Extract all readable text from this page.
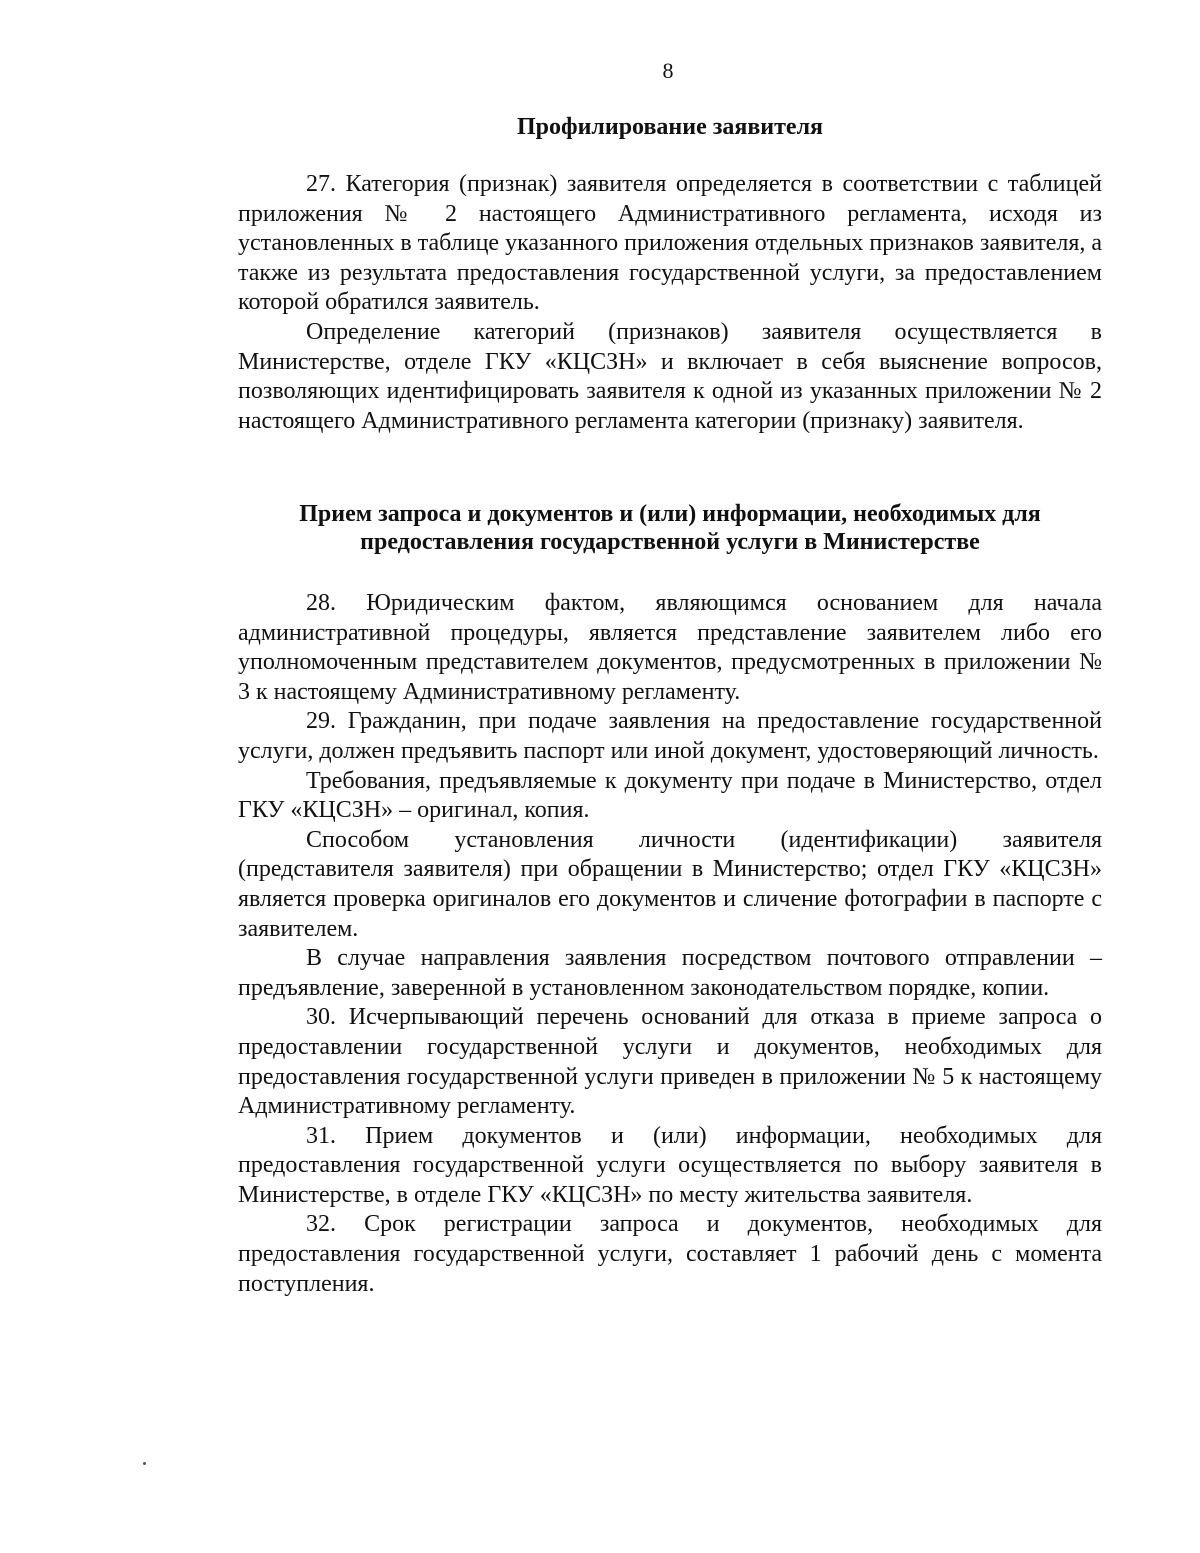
8
Профилирование заявителя

27. Категория (признак) заявителя определяется в соответствии с таблицей приложения № 2 настоящего Административного регламента, исходя из установленных в таблице указанного приложения отдельных признаков заявителя, а также из результата предоставления государственной услуги, за предоставлением которой обратился заявитель.

Определение категорий (признаков) заявителя осуществляется в Министерстве, отделе ГКУ «КЦСЗН» и включает в себя выяснение вопросов, позволяющих идентифицировать заявителя к одной из указанных приложении № 2 настоящего Административного регламента категории (признаку) заявителя.

Прием запроса и документов и (или) информации, необходимых для
предоставления государственной услуги в Министерстве

28. Юридическим фактом, являющимся основанием для начала административной процедуры, является представление заявителем либо его уполномоченным представителем документов, предусмотренных в приложении № 3 к настоящему Административному регламенту.

29. Гражданин, при подаче заявления на предоставление государственной услуги, должен предъявить паспорт или иной документ, удостоверяющий личность.

Требования, предъявляемые к документу при подаче в Министерство, отдел ГКУ «КЦСЗН» – оригинал, копия.

Способом установления личности (идентификации) заявителя (представителя заявителя) при обращении в Министерство; отдел ГКУ «КЦСЗН» является проверка оригиналов его документов и сличение фотографии в паспорте с заявителем.

В случае направления заявления посредством почтового отправлении – предъявление, заверенной в установленном законодательством порядке, копии.

30. Исчерпывающий перечень оснований для отказа в приеме запроса о предоставлении государственной услуги и документов, необходимых для предоставления государственной услуги приведен в приложении № 5 к настоящему Административному регламенту.

31. Прием документов и (или) информации, необходимых для предоставления государственной услуги осуществляется по выбору заявителя в Министерстве, в отделе ГКУ «КЦСЗН» по месту жительства заявителя.

32. Срок регистрации запроса и документов, необходимых для предоставления государственной услуги, составляет 1 рабочий день с момента поступления.
